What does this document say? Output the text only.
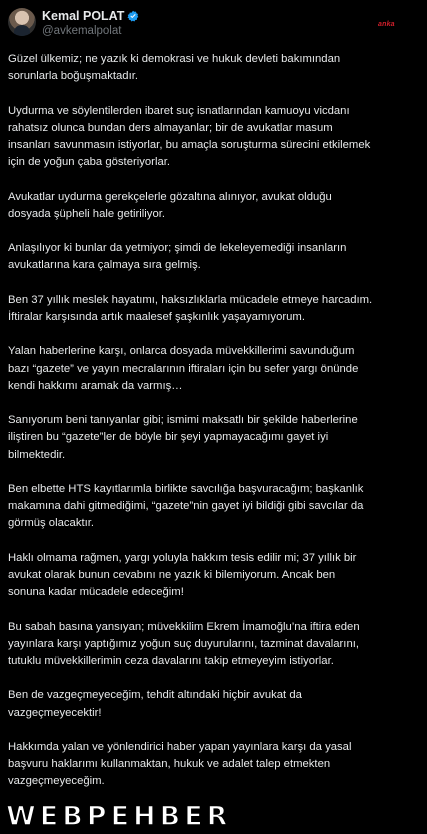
Kemal POLAT
@avkemalpolat
anka
Güzel ülkemiz; ne yazık ki demokrasi ve hukuk devleti bakımından
sorunlarla boğuşmaktadır.
Uydurma ve söylentilerden ibaret suç isnatlarından kamuoyu vicdanı
rahatsız olunca bundan ders almayanlar; bir de avukatlar masum
insanları savunmasın istiyorlar, bu amaçla soruşturma sürecini etkilemek
için de yoğun çaba gösteriyorlar.
Avukatlar uydurma gerekçelerle gözaltına alınıyor, avukat olduğu
dosyada şüpheli hale getiriliyor.
Anlaşılıyor ki bunlar da yetmiyor; şimdi de lekeleyemediği insanların
avukatlarına kara çalmaya sıra gelmiş.
Ben 37 yıllık meslek hayatımı, haksızlıklarla mücadele etmeye harcadım.
İftiralar karşısında artık maalesef şaşkınlık yaşayamıyorum.
Yalan haberlerine karşı, onlarca dosyada müvekkillerimi savunduğum
bazı “gazete” ve yayın mecralarının iftiraları için bu sefer yargı önünde
kendi hakkımı aramak da varmış…
Sanıyorum beni tanıyanlar gibi; ismimi maksatlı bir şekilde haberlerine
iliştiren bu “gazete”ler de böyle bir şeyi yapmayacağımı gayet iyi
bilmektedir.
Ben elbette HTS kayıtlarımla birlikte savcılığa başvuracağım; başkanlık
makamına dahi gitmediğimi, “gazete”nin gayet iyi bildiği gibi savcılar da
görmüş olacaktır.
Haklı olmama rağmen, yargı yoluyla hakkım tesis edilir mi; 37 yıllık bir
avukat olarak bunun cevabını ne yazık ki bilemiyorum. Ancak ben
sonuna kadar mücadele edeceğim!
Bu sabah basına yansıyan; müvekkilim Ekrem İmamoğlu’na iftira eden
yayınlara karşı yaptığımız yoğun suç duyurularını, tazminat davalarını,
tutuklu müvekkillerimin ceza davalarını takip etmeyeyim istiyorlar.
Ben de vazgeçmeyeceğim, tehdit altındaki hiçbir avukat da
vazgeçmeyecektir!
Hakkımda yalan ve yönlendirici haber yapan yayınlara karşı da yasal
başvuru haklarımı kullanmaktan, hukuk ve adalet talep etmekten
vazgeçmeyeceğim.
WEBPEHBER
